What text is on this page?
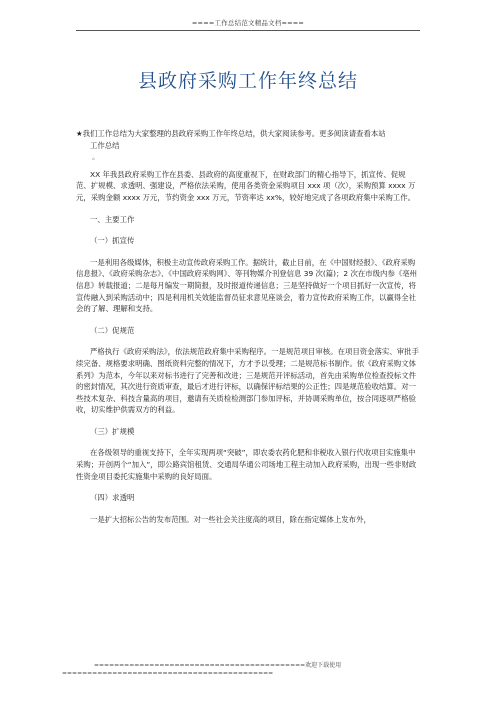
====工作总结范文精品文档====
县政府采购工作年终总结

★我们工作总结为大家整理的县政府采购工作年终总结，供大家阅读参考。更多阅读请查看本站

工作总结

。

XX 年我县政府采购工作在县委、县政府的高度重视下，在财政部门的精心指导下，抓宣传、促规范、扩规模、求透明、强建设，严格依法采购，使用各类资金采购项目 xxx 项（次），采购预算 xxxx 万元，采购金额 xxxx 万元，节约资金 xxx 万元，节资率达 xx%，较好地完成了各项政府集中采购工作。

一、主要工作

（一）抓宣传

一是利用各级媒体，积极主动宣传政府采购工作。据统计，截止目前，在《中国财经报》、《政府采购信息报》、《政府采购杂志》、《中国政府采购网》、等刊物媒介刊登信息 39 次(篇)；2 次在市级内参《亳州信息》转载报道；二是每月编发一期简报，及时报道传递信息；三是坚持做好一个项目抓好一次宣传，将宣传融入到采购活动中；四是利用机关效能监督员征求意见座谈会，着力宣传政府采购工作，以赢得全社会的了解、理解和支持。

（二）促规范

严格执行《政府采购法》，依法规范政府集中采购程序。一是规范项目审核。在项目资金落实、审批手续完备、规格要求明确、图纸资料完整的情况下，方才予以受理；二是规范标书制作。依《政府采购文体系列》为范本，今年以来对标书进行了完善和改进；三是规范开评标活动，首先由采购单位检查投标文件的密封情况，其次进行资质审查，最后才进行评标，以确保评标结果的公正性；四是规范验收结算。对一些技术复杂、科技含量高的项目，邀请有关质检检测部门参加评标，并协调采购单位，按合同逐项严格验收，切实维护供需双方的利益。

（三）扩规模

在各级领导的重视支持下，全年实现两项“突破”，即农委农药化肥和非税收入银行代收项目实施集中采购；开创两个“加入”，即公路宾馆租赁、交通局华通公司场地工程主动加入政府采购，出现一些非财政性资金项目委托实施集中采购的良好局面。

（四）求透明

一是扩大招标公告的发布范围。对一些社会关注度高的项目，除在指定媒体上发布外，

==========================================欢迎下载使用
==========================================
